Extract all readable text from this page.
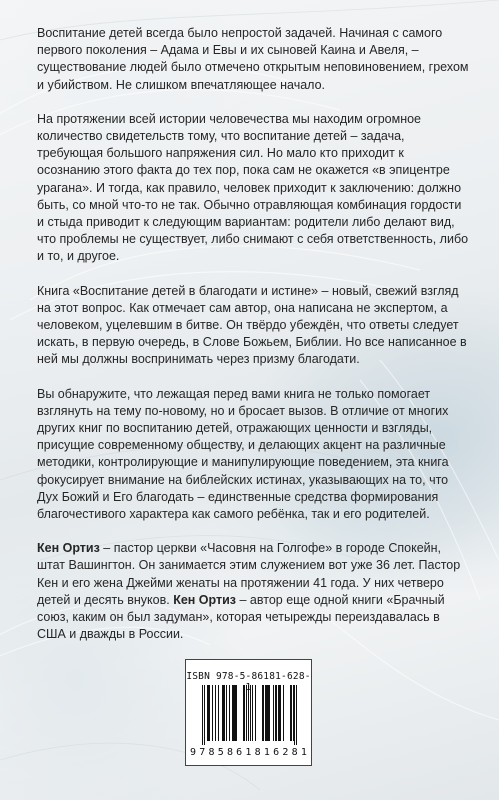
Воспитание детей всегда было непростой задачей. Начиная с самого первого поколения – Адама и Евы и их сыновей Каина и Авеля, – существование людей было отмечено открытым неповиновением, грехом и убийством. Не слишком впечатляющее начало.

На протяжении всей истории человечества мы находим огромное количество свидетельств тому, что воспитание детей – задача, требующая большого напряжения сил. Но мало кто приходит к осознанию этого факта до тех пор, пока сам не окажется «в эпицентре урагана». И тогда, как правило, человек приходит к заключению: должно быть, со мной что-то не так. Обычно отравляющая комбинация гордости и стыда приводит к следующим вариантам: родители либо делают вид, что проблемы не существует, либо снимают с себя ответственность, либо и то, и другое.

Книга «Воспитание детей в благодати и истине» – новый, свежий взгляд на этот вопрос. Как отмечает сам автор, она написана не экспертом, а человеком, уцелевшим в битве. Он твёрдо убеждён, что ответы следует искать, в первую очередь, в Слове Божьем, Библии. Но все написанное в ней мы должны воспринимать через призму благодати.

Вы обнаружите, что лежащая перед вами книга не только помогает взглянуть на тему по-новому, но и бросает вызов. В отличие от многих других книг по воспитанию детей, отражающих ценности и взгляды, присущие современному обществу, и делающих акцент на различные методики, контролирующие и манипулирующие поведением, эта книга фокусирует внимание на библейских истинах, указывающих на то, что Дух Божий и Его благодать – единственные средства формирования благочестивого характера как самого ребёнка, так и его родителей.

Кен Ортиз – пастор церкви «Часовня на Голгофе» в городе Спокейн, штат Вашингтон. Он занимается этим служением вот уже 36 лет. Пастор Кен и его жена Джейми женаты на протяжении 41 года. У них четверо детей и десять внуков. Кен Ортиз – автор еще одной книги «Брачный союз, каким он был задуман», которая четырежды переиздавалась в США и дважды в России.

ISBN 978-5-86181-628-1
9 7 8 5 8 6 1 8 1 6 2 8 1
